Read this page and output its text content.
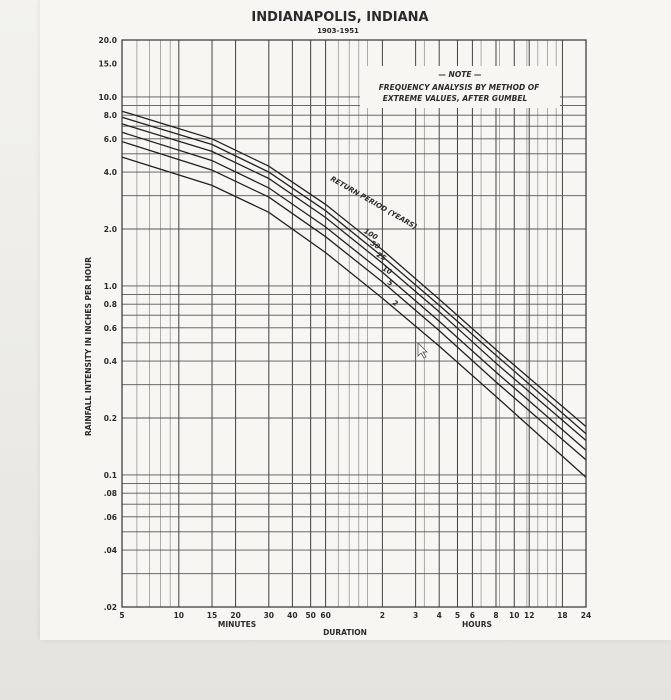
INDIANAPOLIS, INDIANA
1903-1951
100
50
25
10
5
2
20.0
15.0
10.0
8.0
6.0
4.0
2.0
1.0
0.8
0.6
0.4
0.2
0.1
.08
.06
.04
.02
5	10	15 20	30 40 50 60	2	3 4 5 6 8 10 12	18 24
— NOTE —
FREQUENCY ANALYSIS BY METHOD OF
EXTREME VALUES, AFTER GUMBEL
RETURN PERIOD (YEARS)
RAINFALL INTENSITY IN INCHES PER HOUR
MINUTES	HOURS
DURATION
